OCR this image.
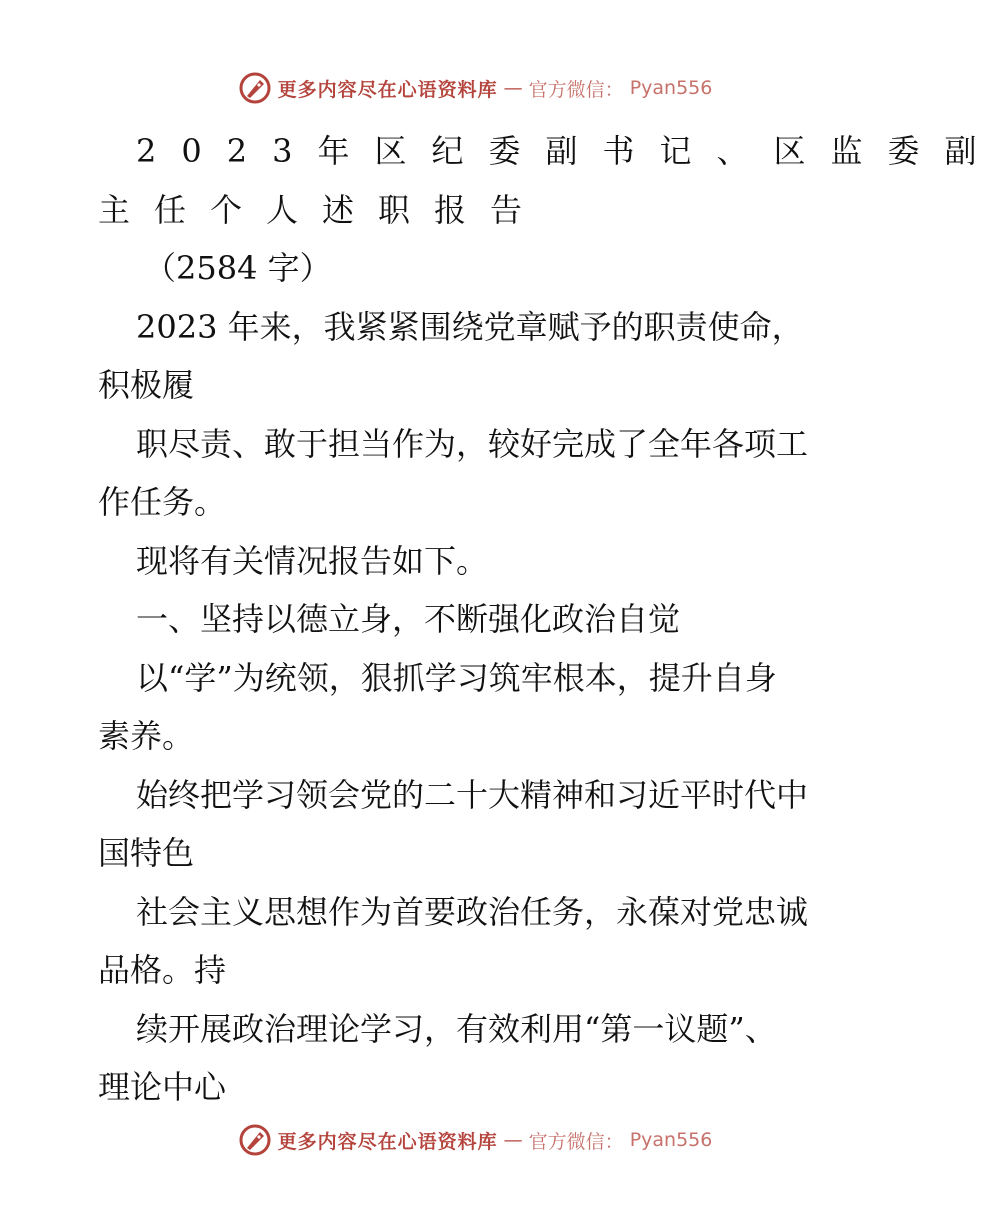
更多内容尽在心语资料库 — 官方微信： Pyan556
2023年区纪委副书记、区监委副
主任个人述职报告
（2584 字）
2023 年来，我紧紧围绕党章赋予的职责使命，
积极履
职尽责、敢于担当作为，较好完成了全年各项工
作任务。
现将有关情况报告如下。
一、坚持以德立身，不断强化政治自觉
以“学”为统领，狠抓学习筑牢根本，提升自身
素养。
始终把学习领会党的二十大精神和习近平时代中
国特色
社会主义思想作为首要政治任务，永葆对党忠诚
品格。持
续开展政治理论学习，有效利用“第一议题”、
理论中心
更多内容尽在心语资料库 — 官方微信： Pyan556
